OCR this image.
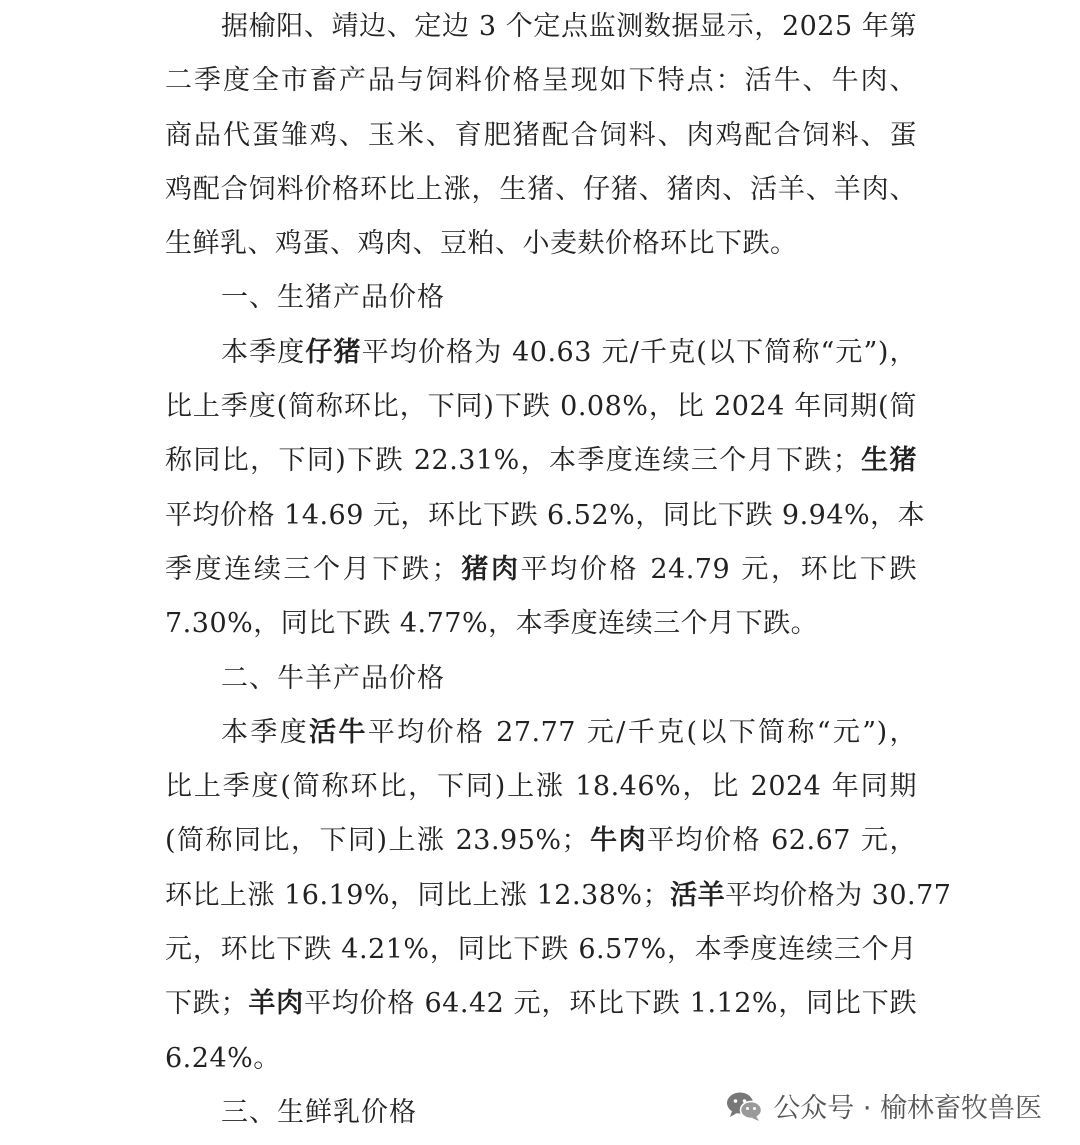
据榆阳、靖边、定边 3 个定点监测数据显示，2025 年第
二季度全市畜产品与饲料价格呈现如下特点：活牛、牛肉、
商品代蛋雏鸡、玉米、育肥猪配合饲料、肉鸡配合饲料、蛋
鸡配合饲料价格环比上涨，生猪、仔猪、猪肉、活羊、羊肉、
生鲜乳、鸡蛋、鸡肉、豆粕、小麦麸价格环比下跌。
一、生猪产品价格
本季度仔猪平均价格为 40.63 元/千克(以下简称“元”)，
比上季度(简称环比，下同)下跌 0.08%，比 2024 年同期(简
称同比，下同)下跌 22.31%，本季度连续三个月下跌；生猪
平均价格 14.69 元，环比下跌 6.52%，同比下跌 9.94%，本
季度连续三个月下跌；猪肉平均价格 24.79 元，环比下跌
7.30%，同比下跌 4.77%，本季度连续三个月下跌。
二、牛羊产品价格
本季度活牛平均价格 27.77 元/千克(以下简称“元”)，
比上季度(简称环比，下同)上涨 18.46%，比 2024 年同期
(简称同比，下同)上涨 23.95%；牛肉平均价格 62.67 元，
环比上涨 16.19%，同比上涨 12.38%；活羊平均价格为 30.77
元，环比下跌 4.21%，同比下跌 6.57%，本季度连续三个月
下跌；羊肉平均价格 64.42 元，环比下跌 1.12%，同比下跌
6.24%。
三、生鲜乳价格	公众号 · 榆林畜牧兽医
